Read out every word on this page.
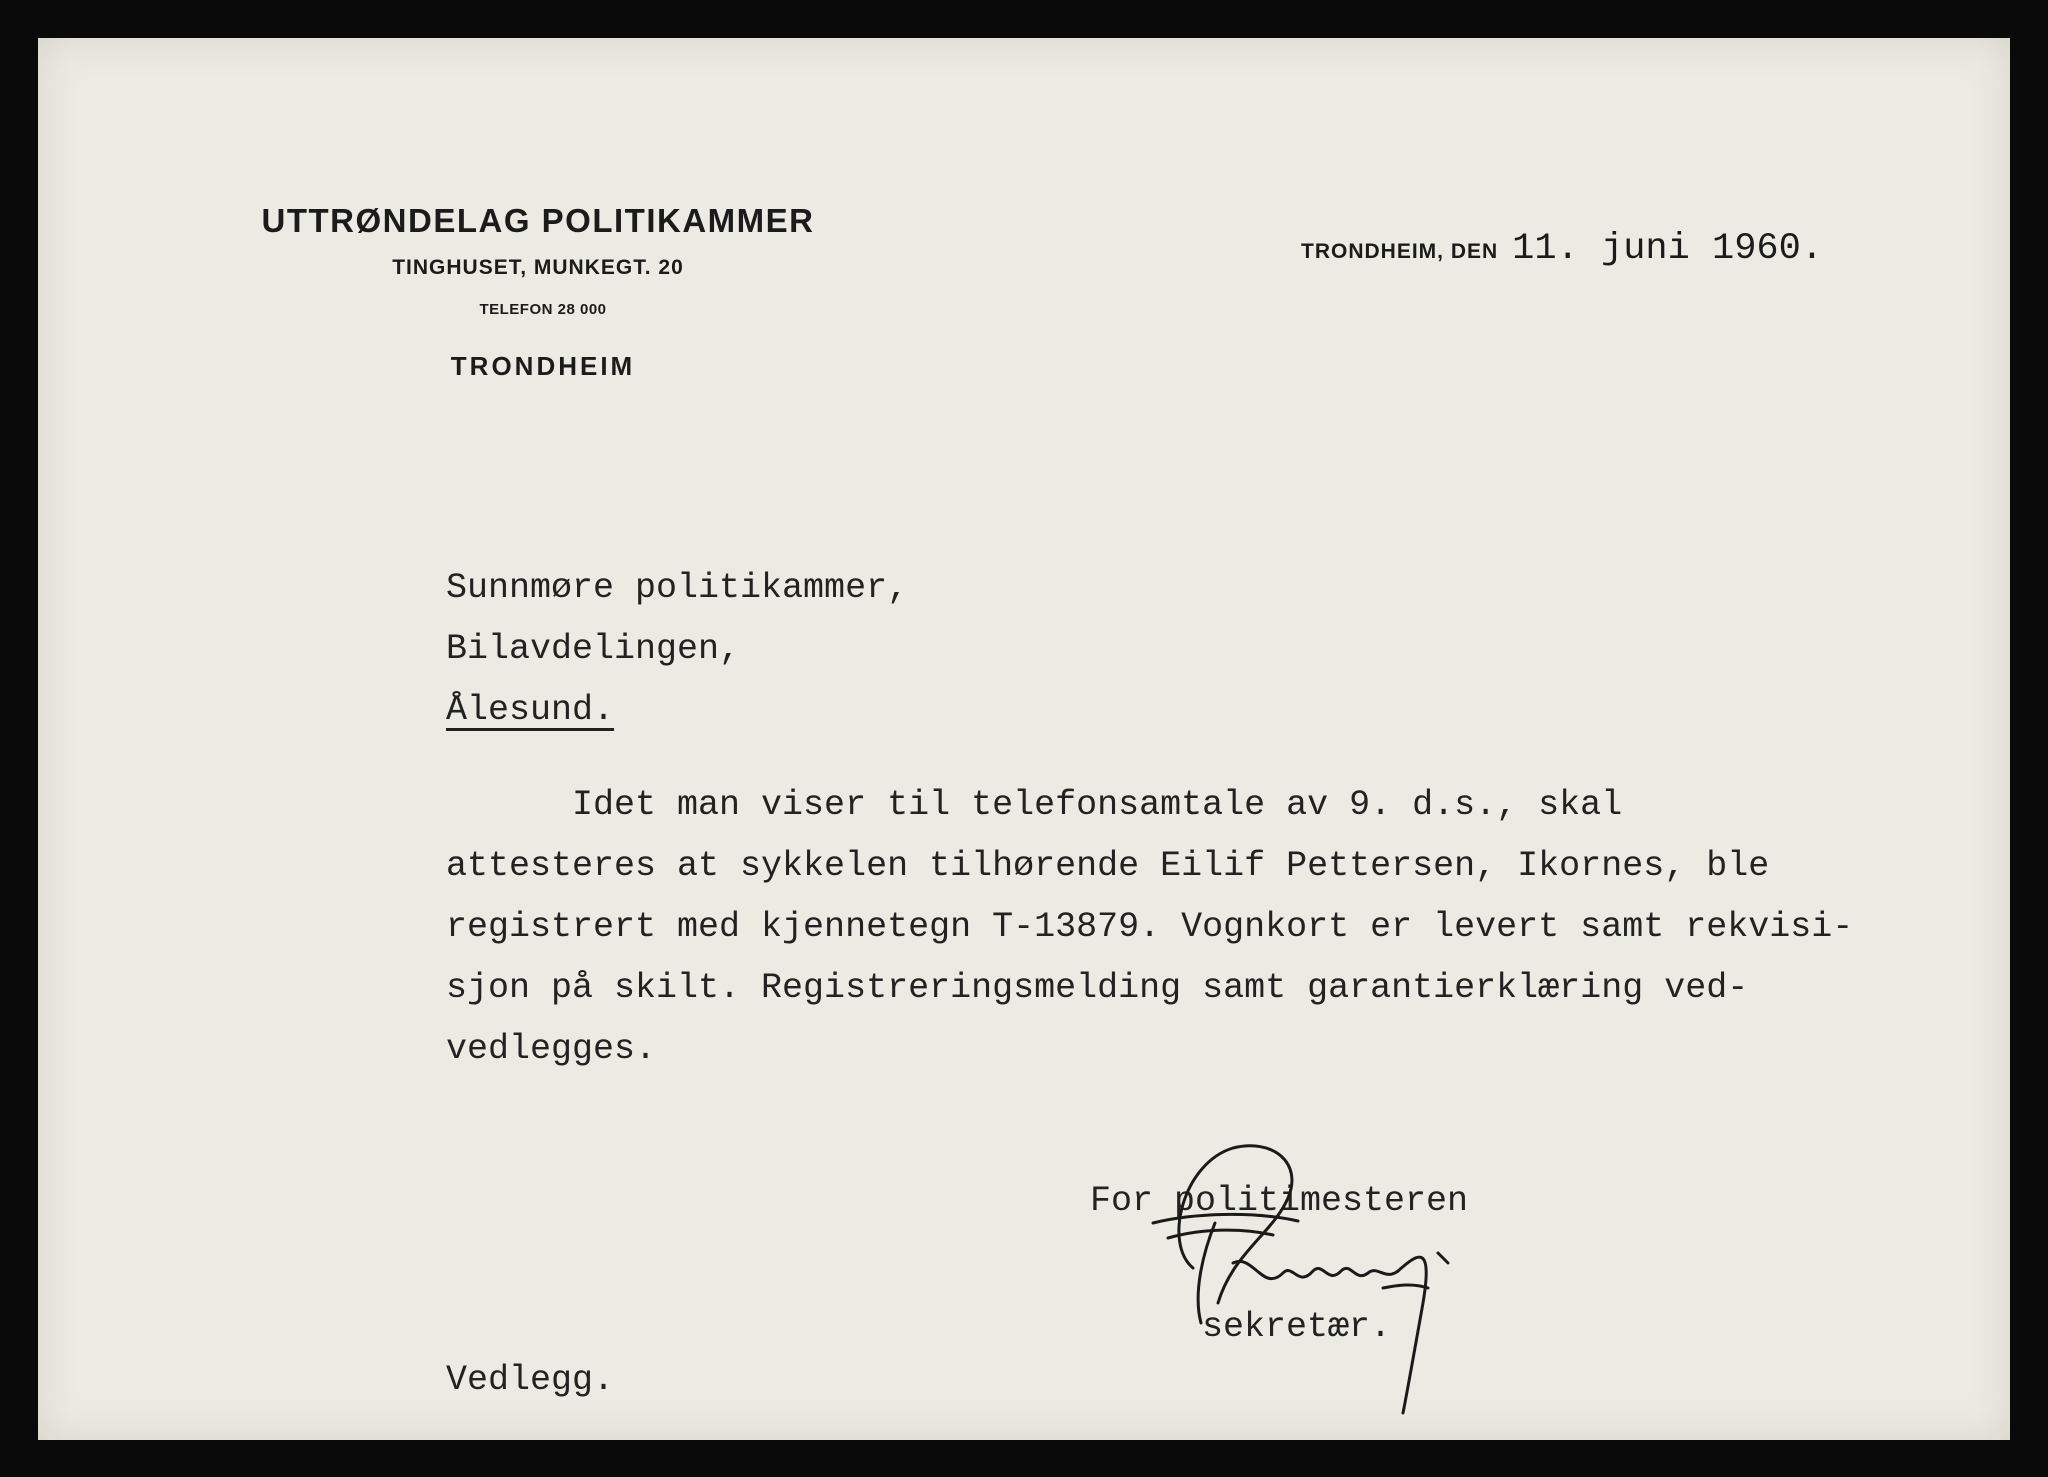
UTTRØNDELAG POLITIKAMMER
TINGHUSET, MUNKEGT. 20
TELEFON 28 000
TRONDHEIM
TRONDHEIM, DEN 11. juni 1960.
Sunnmøre politikammer,
Bilavdelingen,
Ålesund.
Idet man viser til telefonsamtale av 9. d.s., skal
attesteres at sykkelen tilhørende Eilif Pettersen, Ikornes, ble
registrert med kjennetegn T-13879. Vognkort er levert samt rekvisi-
sjon på skilt. Registreringsmelding samt garantierklæring ved-
vedlegges.
For politimesteren
sekretær.
Vedlegg.
